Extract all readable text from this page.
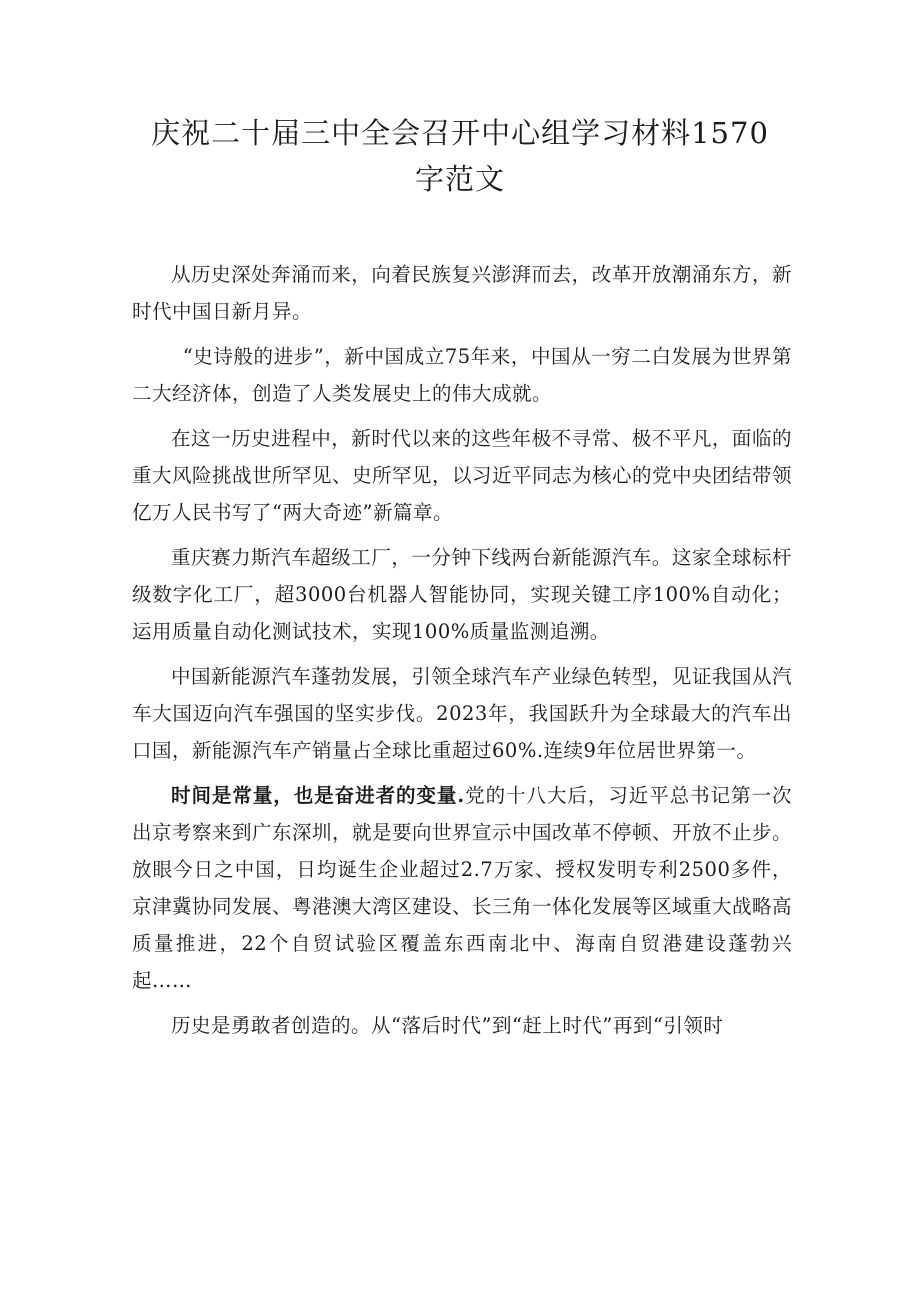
庆祝二十届三中全会召开中心组学习材料1570字范文

从历史深处奔涌而来，向着民族复兴澎湃而去，改革开放潮涌东方，新时代中国日新月异。

“史诗般的进步”，新中国成立75年来，中国从一穷二白发展为世界第二大经济体，创造了人类发展史上的伟大成就。

在这一历史进程中，新时代以来的这些年极不寻常、极不平凡，面临的重大风险挑战世所罕见、史所罕见，以习近平同志为核心的党中央团结带领亿万人民书写了“两大奇迹”新篇章。

重庆赛力斯汽车超级工厂，一分钟下线两台新能源汽车。这家全球标杆级数字化工厂，超3000台机器人智能协同，实现关键工序100%自动化；运用质量自动化测试技术，实现100%质量监测追溯。

中国新能源汽车蓬勃发展，引领全球汽车产业绿色转型，见证我国从汽车大国迈向汽车强国的坚实步伐。2023年，我国跃升为全球最大的汽车出口国，新能源汽车产销量占全球比重超过60%.连续9年位居世界第一。

时间是常量，也是奋进者的变量.党的十八大后，习近平总书记第一次出京考察来到广东深圳，就是要向世界宣示中国改革不停顿、开放不止步。放眼今日之中国，日均诞生企业超过2.7万家、授权发明专利2500多件，京津冀协同发展、粤港澳大湾区建设、长三角一体化发展等区域重大战略高质量推进，22个自贸试验区覆盖东西南北中、海南自贸港建设蓬勃兴起……

历史是勇敢者创造的。从“落后时代”到“赶上时代”再到“引领时
